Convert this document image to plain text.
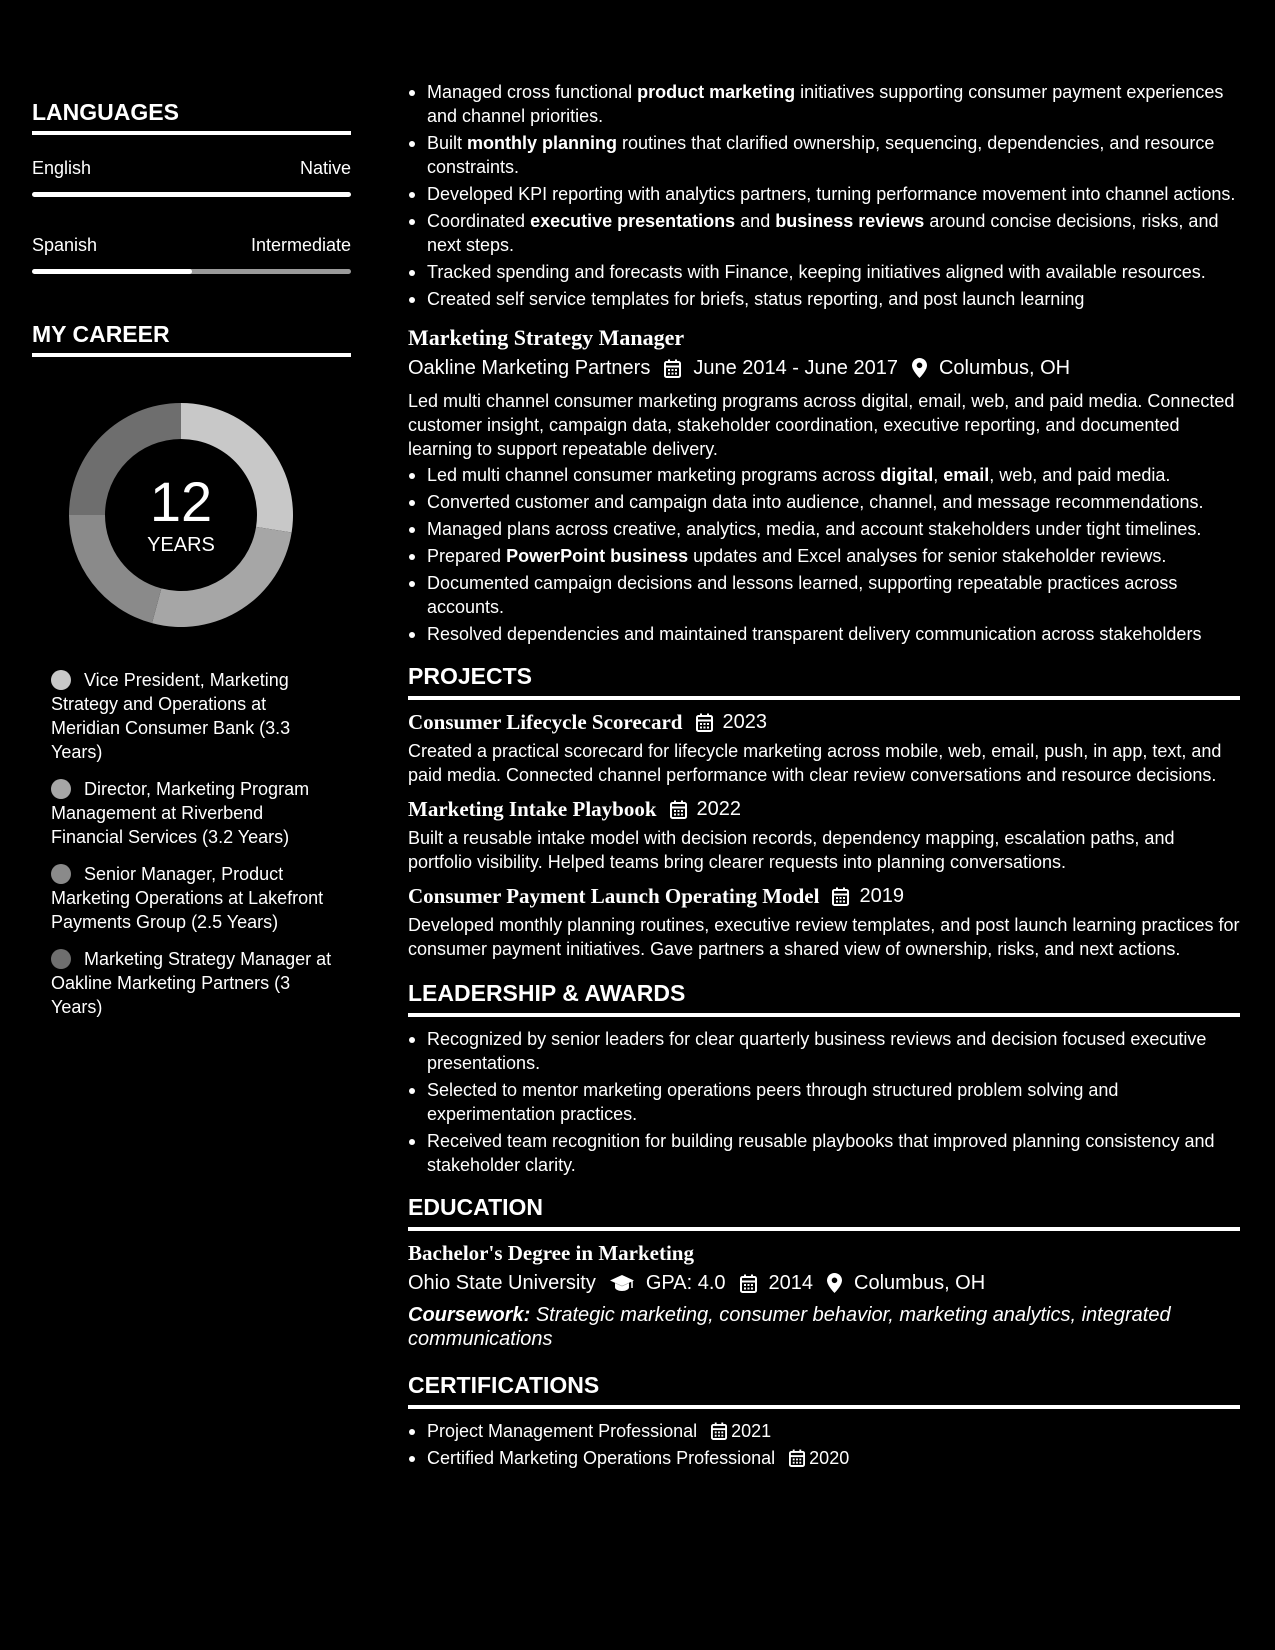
LANGUAGES
English	Native
Spanish	Intermediate
MY CAREER
12
YEARS
Vice President, Marketing Strategy and Operations at Meridian Consumer Bank (3.3 Years)
Director, Marketing Program Management at Riverbend Financial Services (3.2 Years)
Senior Manager, Product Marketing Operations at Lakefront Payments Group (2.5 Years)
Marketing Strategy Manager at Oakline Marketing Partners (3 Years)
Managed cross functional product marketing initiatives supporting consumer payment experiences and channel priorities.
Built monthly planning routines that clarified ownership, sequencing, dependencies, and resource constraints.
Developed KPI reporting with analytics partners, turning performance movement into channel actions.
Coordinated executive presentations and business reviews around concise decisions, risks, and next steps.
Tracked spending and forecasts with Finance, keeping initiatives aligned with available resources.
Created self service templates for briefs, status reporting, and post launch learning
Marketing Strategy Manager
Oakline Marketing Partners June 2014 - June 2017 Columbus, OH
Led multi channel consumer marketing programs across digital, email, web, and paid media. Connected customer insight, campaign data, stakeholder coordination, executive reporting, and documented learning to support repeatable delivery.
Led multi channel consumer marketing programs across digital, email, web, and paid media.
Converted customer and campaign data into audience, channel, and message recommendations.
Managed plans across creative, analytics, media, and account stakeholders under tight timelines.
Prepared PowerPoint business updates and Excel analyses for senior stakeholder reviews.
Documented campaign decisions and lessons learned, supporting repeatable practices across accounts.
Resolved dependencies and maintained transparent delivery communication across stakeholders
PROJECTS
Consumer Lifecycle Scorecard 2023
Created a practical scorecard for lifecycle marketing across mobile, web, email, push, in app, text, and paid media. Connected channel performance with clear review conversations and resource decisions.
Marketing Intake Playbook 2022
Built a reusable intake model with decision records, dependency mapping, escalation paths, and portfolio visibility. Helped teams bring clearer requests into planning conversations.
Consumer Payment Launch Operating Model 2019
Developed monthly planning routines, executive review templates, and post launch learning practices for consumer payment initiatives. Gave partners a shared view of ownership, risks, and next actions.
LEADERSHIP & AWARDS
Recognized by senior leaders for clear quarterly business reviews and decision focused executive presentations.
Selected to mentor marketing operations peers through structured problem solving and experimentation practices.
Received team recognition for building reusable playbooks that improved planning consistency and stakeholder clarity.
EDUCATION
Bachelor's Degree in Marketing
Ohio State University	GPA: 4.0 2014 Columbus, OH
Coursework: Strategic marketing, consumer behavior, marketing analytics, integrated communications
CERTIFICATIONS
Project Management Professional 2021
Certified Marketing Operations Professional 2020
